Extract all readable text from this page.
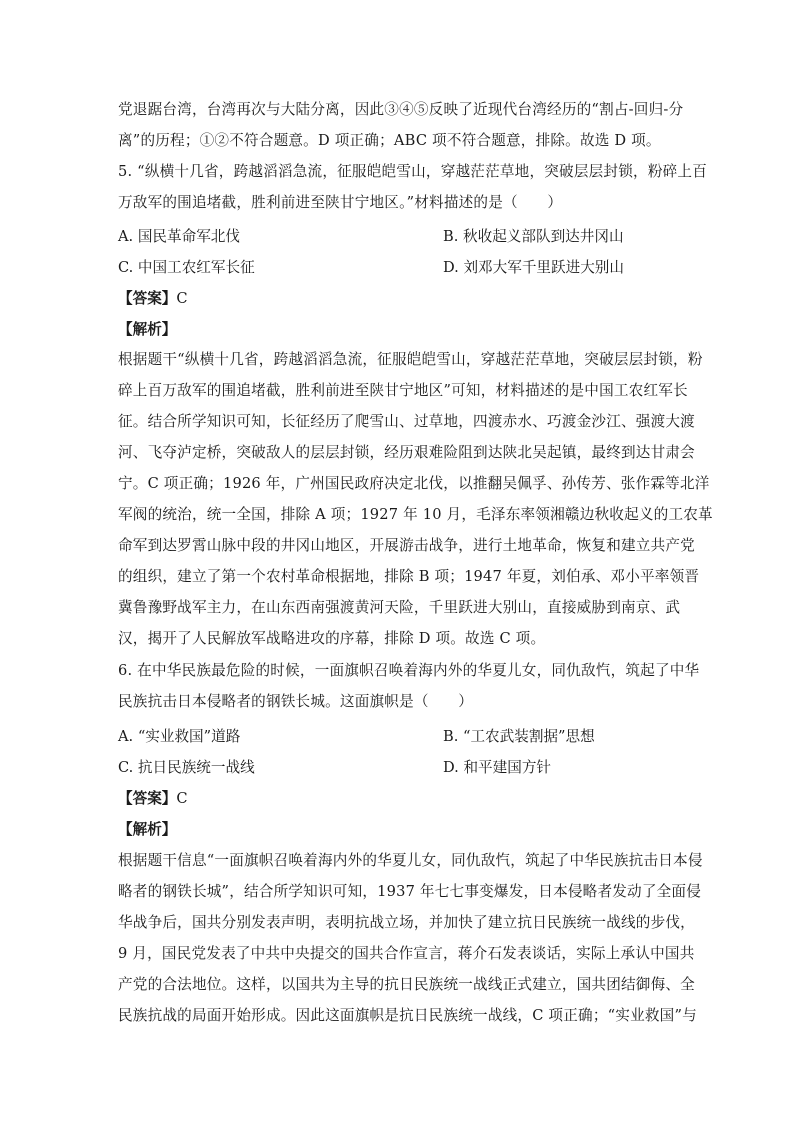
党退踞台湾，台湾再次与大陆分离，因此③④⑤反映了近现代台湾经历的“割占-回归-分
离”的历程；①②不符合题意。D 项正确；ABC 项不符合题意，排除。故选 D 项。
5. “纵横十几省，跨越滔滔急流，征服皑皑雪山，穿越茫茫草地，突破层层封锁，粉碎上百
万敌军的围追堵截，胜利前进至陕甘宁地区。”材料描述的是（　　）
A. 国民革命军北伐	B. 秋收起义部队到达井冈山
C. 中国工农红军长征	D. 刘邓大军千里跃进大别山
【答案】C
【解析】
根据题干“纵横十几省，跨越滔滔急流，征服皑皑雪山，穿越茫茫草地，突破层层封锁，粉
碎上百万敌军的围追堵截，胜利前进至陕甘宁地区”可知，材料描述的是中国工农红军长
征。结合所学知识可知，长征经历了爬雪山、过草地，四渡赤水、巧渡金沙江、强渡大渡
河、飞夺泸定桥，突破敌人的层层封锁，经历艰难险阻到达陕北吴起镇，最终到达甘肃会
宁。C 项正确；1926 年，广州国民政府决定北伐，以推翻吴佩孚、孙传芳、张作霖等北洋
军阀的统治，统一全国，排除 A 项；1927 年 10 月，毛泽东率领湘赣边秋收起义的工农革
命军到达罗霄山脉中段的井冈山地区，开展游击战争，进行土地革命，恢复和建立共产党
的组织，建立了第一个农村革命根据地，排除 B 项；1947 年夏，刘伯承、邓小平率领晋
冀鲁豫野战军主力，在山东西南强渡黄河天险，千里跃进大别山，直接威胁到南京、武
汉，揭开了人民解放军战略进攻的序幕，排除 D 项。故选 C 项。
6. 在中华民族最危险的时候，一面旗帜召唤着海内外的华夏儿女，同仇敌忾，筑起了中华
民族抗击日本侵略者的钢铁长城。这面旗帜是（　　）
A. “实业救国”道路	B. “工农武装割据”思想
C. 抗日民族统一战线	D. 和平建国方针
【答案】C
【解析】
根据题干信息“一面旗帜召唤着海内外的华夏儿女，同仇敌忾，筑起了中华民族抗击日本侵
略者的钢铁长城”，结合所学知识可知，1937 年七七事变爆发，日本侵略者发动了全面侵
华战争后，国共分别发表声明，表明抗战立场，并加快了建立抗日民族统一战线的步伐，
9 月，国民党发表了中共中央提交的国共合作宣言，蒋介石发表谈话，实际上承认中国共
产党的合法地位。这样，以国共为主导的抗日民族统一战线正式建立，国共团结御侮、全
民族抗战的局面开始形成。因此这面旗帜是抗日民族统一战线，C 项正确；“实业救国”与
